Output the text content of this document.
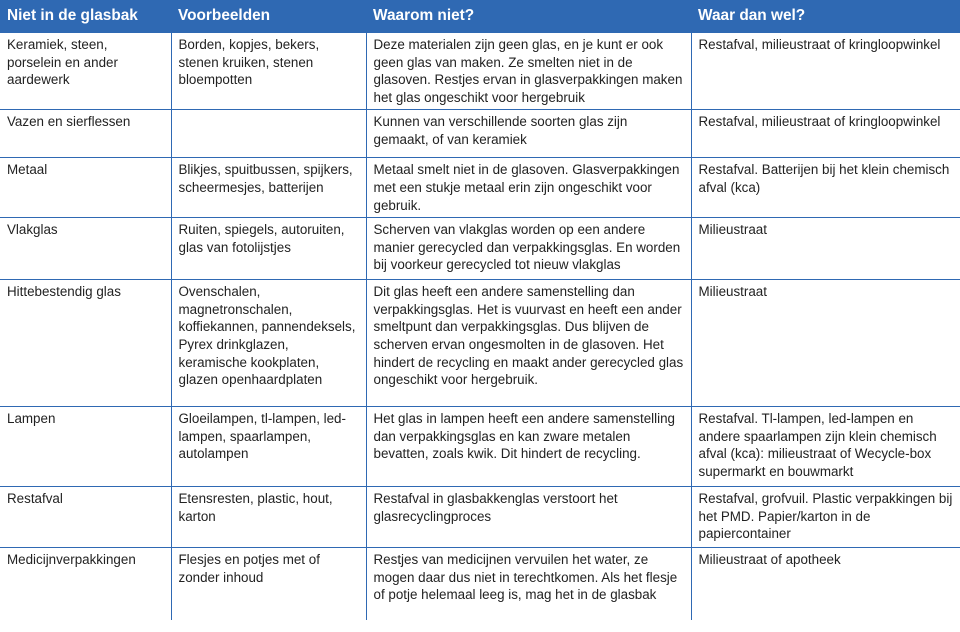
Niet in de glasbak	Voorbeelden	Waarom niet?	Waar dan wel?
Keramiek, steen, porselein en ander aardewerk	Borden, kopjes, bekers, stenen kruiken, stenen bloempotten	Deze materialen zijn geen glas, en je kunt er ook geen glas van maken. Ze smelten niet in de glasoven. Restjes ervan in glasverpakkingen maken het glas ongeschikt voor hergebruik	Restafval, milieustraat of kringloopwinkel
Vazen en sierflessen		Kunnen van verschillende soorten glas zijn gemaakt, of van keramiek	Restafval, milieustraat of kringloopwinkel
Metaal	Blikjes, spuitbussen, spijkers, scheermesjes, batterijen	Metaal smelt niet in de glasoven. Glasverpakkingen met een stukje metaal erin zijn ongeschikt voor gebruik.	Restafval. Batterijen bij het klein chemisch afval (kca)
Vlakglas	Ruiten, spiegels, autoruiten, glas van fotolijstjes	Scherven van vlakglas worden op een andere manier gerecycled dan verpakkingsglas. En worden bij voorkeur gerecycled tot nieuw vlakglas	Milieustraat
Hittebestendig glas	Ovenschalen, magnetronschalen, koffiekannen, pannendeksels, Pyrex drinkglazen, keramische kookplaten, glazen openhaardplaten	Dit glas heeft een andere samenstelling dan verpakkingsglas. Het is vuurvast en heeft een ander smeltpunt dan verpakkingsglas. Dus blijven de scherven ervan ongesmolten in de glasoven. Het hindert de recycling en maakt ander gerecycled glas ongeschikt voor hergebruik.	Milieustraat
Lampen	Gloeilampen, tl-lampen, led-lampen, spaarlampen, autolampen	Het glas in lampen heeft een andere samenstelling dan verpakkingsglas en kan zware metalen bevatten, zoals kwik. Dit hindert de recycling.	Restafval. Tl-lampen, led-lampen en andere spaarlampen zijn klein chemisch afval (kca): milieustraat of Wecycle-box supermarkt en bouwmarkt
Restafval	Etensresten, plastic, hout, karton	Restafval in glasbakkenglas verstoort het glasrecyclingproces	Restafval, grofvuil. Plastic verpakkingen bij het PMD. Papier/karton in de papiercontainer
Medicijnverpakkingen	Flesjes en potjes met of zonder inhoud	Restjes van medicijnen vervuilen het water, ze mogen daar dus niet in terechtkomen. Als het flesje of potje helemaal leeg is, mag het in de glasbak	Milieustraat of apotheek
